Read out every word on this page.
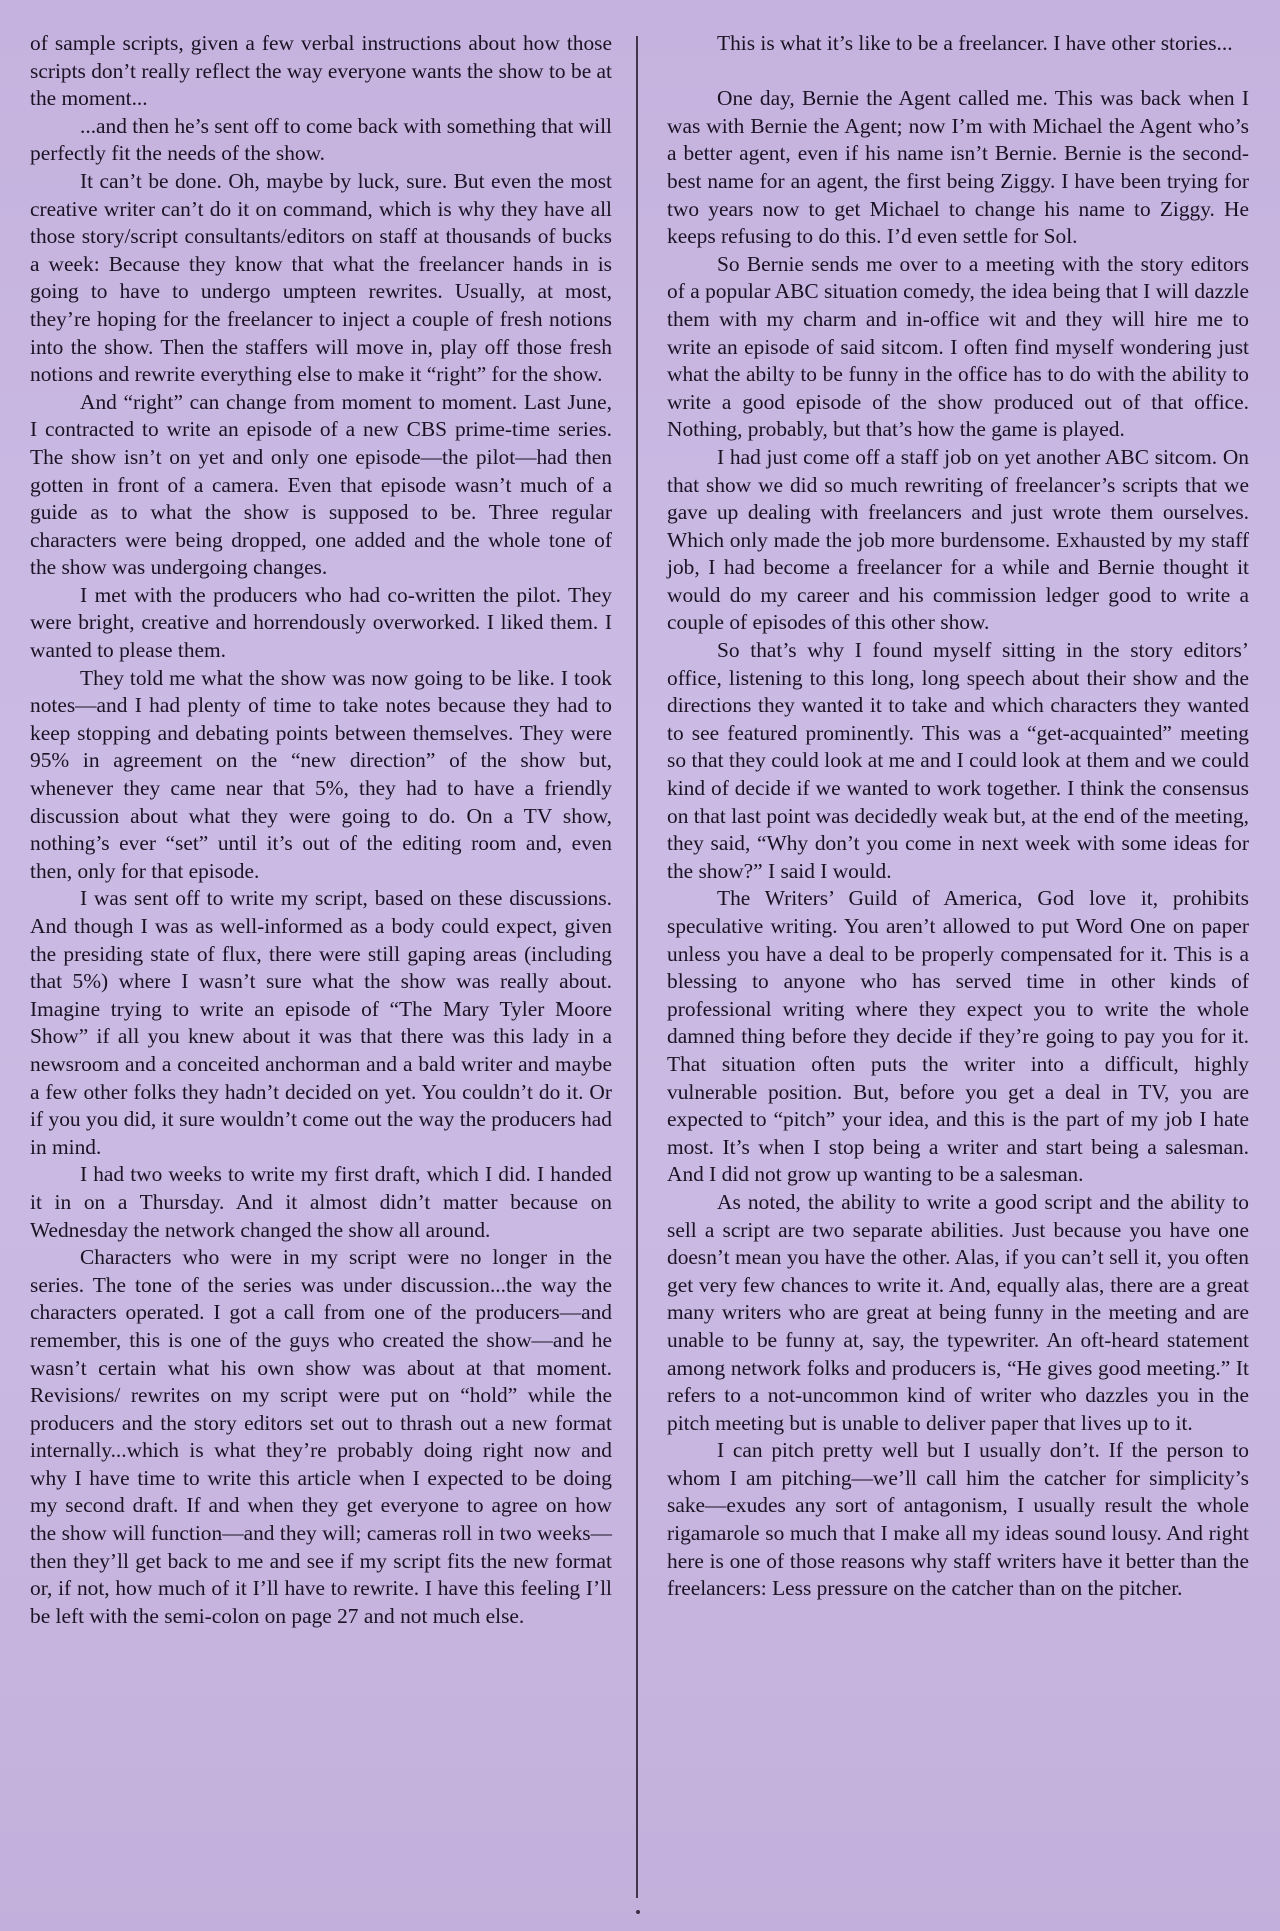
of sample scripts, given a few verbal instructions about how those scripts don’t really reflect the way everyone wants the show to be at the moment...

...and then he’s sent off to come back with something that will perfectly fit the needs of the show.

It can’t be done. Oh, maybe by luck, sure. But even the most creative writer can’t do it on command, which is why they have all those story/script consultants/editors on staff at thousands of bucks a week: Because they know that what the freelancer hands in is going to have to undergo umpteen rewrites. Usually, at most, they’re hoping for the freelancer to inject a couple of fresh notions into the show. Then the staffers will move in, play off those fresh notions and rewrite everything else to make it “right” for the show.

And “right” can change from moment to moment. Last June, I contracted to write an episode of a new CBS prime-time series. The show isn’t on yet and only one episode—the pilot—had then gotten in front of a camera. Even that episode wasn’t much of a guide as to what the show is supposed to be. Three regular characters were being dropped, one added and the whole tone of the show was undergoing changes.

I met with the producers who had co-written the pilot. They were bright, creative and horrendously overworked. I liked them. I wanted to please them.

They told me what the show was now going to be like. I took notes—and I had plenty of time to take notes because they had to keep stopping and debating points between themselves. They were 95% in agreement on the “new direction” of the show but, whenever they came near that 5%, they had to have a friendly discussion about what they were going to do. On a TV show, nothing’s ever “set” until it’s out of the editing room and, even then, only for that episode.

I was sent off to write my script, based on these discussions. And though I was as well-informed as a body could expect, given the presiding state of flux, there were still gaping areas (including that 5%) where I wasn’t sure what the show was really about. Imagine trying to write an episode of “The Mary Tyler Moore Show” if all you knew about it was that there was this lady in a newsroom and a conceited anchorman and a bald writer and maybe a few other folks they hadn’t decided on yet. You couldn’t do it. Or if you you did, it sure wouldn’t come out the way the producers had in mind.

I had two weeks to write my first draft, which I did. I handed it in on a Thursday. And it almost didn’t matter because on Wednesday the network changed the show all around.

Characters who were in my script were no longer in the series. The tone of the series was under discussion...the way the characters operated. I got a call from one of the producers—and remember, this is one of the guys who created the show—and he wasn’t certain what his own show was about at that moment. Revisions/ rewrites on my script were put on “hold” while the producers and the story editors set out to thrash out a new format internally...which is what they’re probably doing right now and why I have time to write this article when I expected to be doing my second draft. If and when they get everyone to agree on how the show will function—and they will; cameras roll in two weeks—then they’ll get back to me and see if my script fits the new format or, if not, how much of it I’ll have to rewrite. I have this feeling I’ll be left with the semi-colon on page 27 and not much else.

This is what it’s like to be a freelancer. I have other stories...

One day, Bernie the Agent called me. This was back when I was with Bernie the Agent; now I’m with Michael the Agent who’s a better agent, even if his name isn’t Bernie. Bernie is the second-best name for an agent, the first being Ziggy. I have been trying for two years now to get Michael to change his name to Ziggy. He keeps refusing to do this. I’d even settle for Sol.

So Bernie sends me over to a meeting with the story editors of a popular ABC situation comedy, the idea being that I will dazzle them with my charm and in-office wit and they will hire me to write an episode of said sitcom. I often find myself wondering just what the abilty to be funny in the office has to do with the ability to write a good episode of the show produced out of that office. Nothing, probably, but that’s how the game is played.

I had just come off a staff job on yet another ABC sitcom. On that show we did so much rewriting of freelancer’s scripts that we gave up dealing with freelancers and just wrote them ourselves. Which only made the job more burdensome. Exhausted by my staff job, I had become a freelancer for a while and Bernie thought it would do my career and his commission ledger good to write a couple of episodes of this other show.

So that’s why I found myself sitting in the story editors’ office, listening to this long, long speech about their show and the directions they wanted it to take and which characters they wanted to see featured prominently. This was a “get-acquainted” meeting so that they could look at me and I could look at them and we could kind of decide if we wanted to work together. I think the consensus on that last point was decidedly weak but, at the end of the meeting, they said, “Why don’t you come in next week with some ideas for the show?” I said I would.

The Writers’ Guild of America, God love it, prohibits speculative writing. You aren’t allowed to put Word One on paper unless you have a deal to be properly compensated for it. This is a blessing to anyone who has served time in other kinds of professional writing where they expect you to write the whole damned thing before they decide if they’re going to pay you for it. That situation often puts the writer into a difficult, highly vulnerable position. But, before you get a deal in TV, you are expected to “pitch” your idea, and this is the part of my job I hate most. It’s when I stop being a writer and start being a salesman. And I did not grow up wanting to be a salesman.

As noted, the ability to write a good script and the ability to sell a script are two separate abilities. Just because you have one doesn’t mean you have the other. Alas, if you can’t sell it, you often get very few chances to write it. And, equally alas, there are a great many writers who are great at being funny in the meeting and are unable to be funny at, say, the typewriter. An oft-heard statement among network folks and producers is, “He gives good meeting.” It refers to a not-uncommon kind of writer who dazzles you in the pitch meeting but is unable to deliver paper that lives up to it.

I can pitch pretty well but I usually don’t. If the person to whom I am pitching—we’ll call him the catcher for simplicity’s sake—exudes any sort of antagonism, I usually result the whole rigamarole so much that I make all my ideas sound lousy. And right here is one of those reasons why staff writers have it better than the freelancers: Less pressure on the catcher than on the pitcher.
